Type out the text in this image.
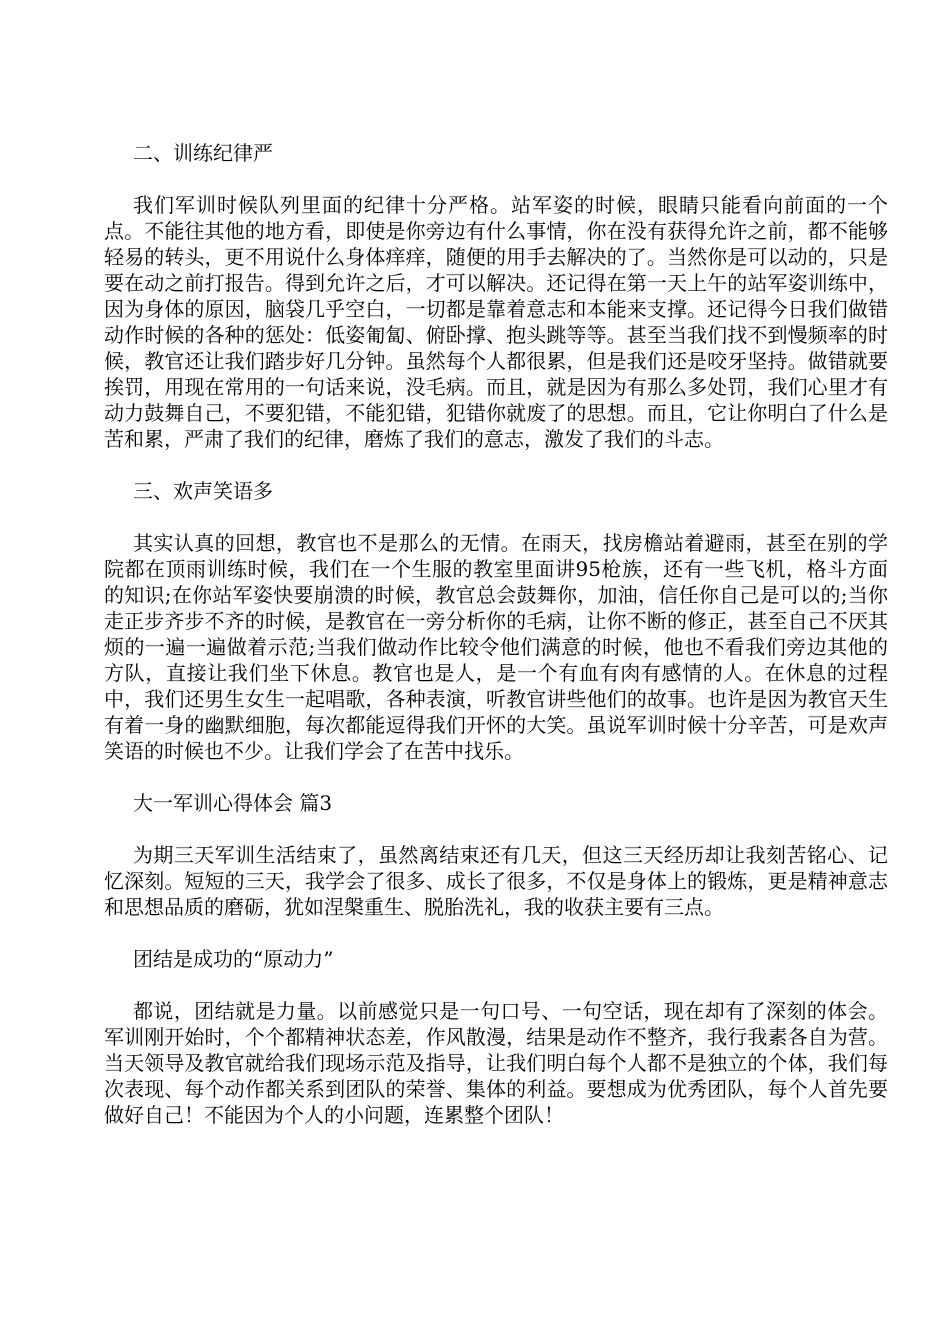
二、训练纪律严
我们军训时候队列里面的纪律十分严格。站军姿的时候，眼睛只能看向前面的一个点。不能往其他的地方看，即使是你旁边有什么事情，你在没有获得允许之前，都不能够轻易的转头，更不用说什么身体痒痒，随便的用手去解决的了。当然你是可以动的，只是要在动之前打报告。得到允许之后，才可以解决。还记得在第一天上午的站军姿训练中，因为身体的原因，脑袋几乎空白，一切都是靠着意志和本能来支撑。还记得今日我们做错动作时候的各种的惩处：低姿匍匐、俯卧撑、抱头跳等等。甚至当我们找不到慢频率的时候，教官还让我们踏步好几分钟。虽然每个人都很累，但是我们还是咬牙坚持。做错就要挨罚，用现在常用的一句话来说，没毛病。而且，就是因为有那么多处罚，我们心里才有动力鼓舞自己，不要犯错，不能犯错，犯错你就废了的思想。而且，它让你明白了什么是苦和累，严肃了我们的纪律，磨炼了我们的意志，激发了我们的斗志。
三、欢声笑语多
其实认真的回想，教官也不是那么的无情。在雨天，找房檐站着避雨，甚至在别的学院都在顶雨训练时候，我们在一个生服的教室里面讲95枪族，还有一些飞机，格斗方面的知识;在你站军姿快要崩溃的时候，教官总会鼓舞你，加油，信任你自己是可以的;当你走正步齐步不齐的时候，是教官在一旁分析你的毛病，让你不断的修正，甚至自己不厌其烦的一遍一遍做着示范;当我们做动作比较令他们满意的时候，他也不看我们旁边其他的方队，直接让我们坐下休息。教官也是人，是一个有血有肉有感情的人。在休息的过程中，我们还男生女生一起唱歌，各种表演，听教官讲些他们的故事。也许是因为教官天生有着一身的幽默细胞，每次都能逗得我们开怀的大笑。虽说军训时候十分辛苦，可是欢声笑语的时候也不少。让我们学会了在苦中找乐。
大一军训心得体会 篇3
为期三天军训生活结束了，虽然离结束还有几天，但这三天经历却让我刻苦铭心、记忆深刻。短短的三天，我学会了很多、成长了很多，不仅是身体上的锻炼，更是精神意志和思想品质的磨砺，犹如涅槃重生、脱胎洗礼，我的收获主要有三点。
团结是成功的“原动力”
都说，团结就是力量。以前感觉只是一句口号、一句空话，现在却有了深刻的体会。军训刚开始时，个个都精神状态差，作风散漫，结果是动作不整齐，我行我素各自为营。当天领导及教官就给我们现场示范及指导，让我们明白每个人都不是独立的个体，我们每次表现、每个动作都关系到团队的荣誉、集体的利益。要想成为优秀团队，每个人首先要做好自己！不能因为个人的小问题，连累整个团队！
